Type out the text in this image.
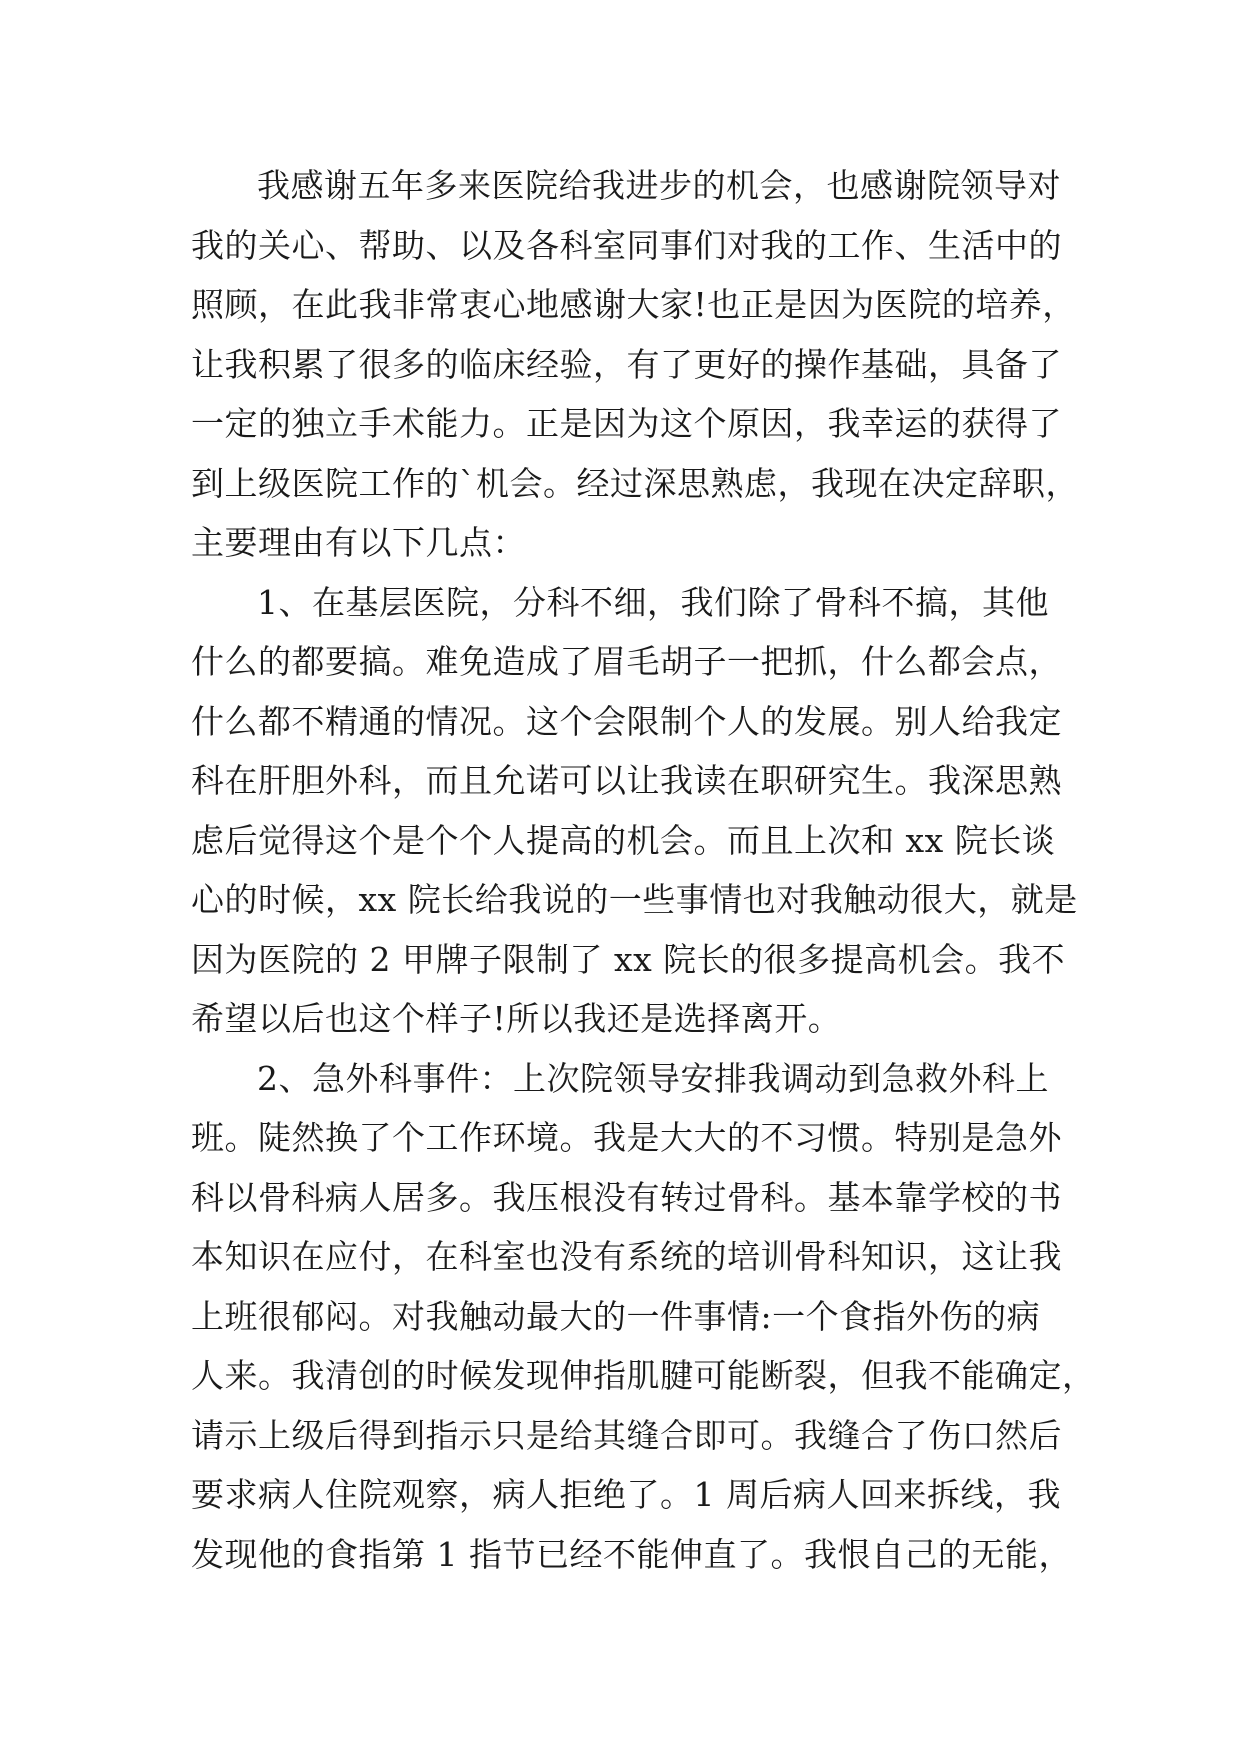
我感谢五年多来医院给我进步的机会，也感谢院领导对
我的关心、帮助、以及各科室同事们对我的工作、生活中的
照顾，在此我非常衷心地感谢大家!也正是因为医院的培养，
让我积累了很多的临床经验，有了更好的操作基础，具备了
一定的独立手术能力。正是因为这个原因，我幸运的获得了
到上级医院工作的`机会。经过深思熟虑，我现在决定辞职，
主要理由有以下几点：
1、在基层医院，分科不细，我们除了骨科不搞，其他
什么的都要搞。难免造成了眉毛胡子一把抓，什么都会点，
什么都不精通的情况。这个会限制个人的发展。别人给我定
科在肝胆外科，而且允诺可以让我读在职研究生。我深思熟
虑后觉得这个是个个人提高的机会。而且上次和 xx 院长谈
心的时候，xx 院长给我说的一些事情也对我触动很大，就是
因为医院的 2 甲牌子限制了 xx 院长的很多提高机会。我不
希望以后也这个样子!所以我还是选择离开。
2、急外科事件：上次院领导安排我调动到急救外科上
班。陡然换了个工作环境。我是大大的不习惯。特别是急外
科以骨科病人居多。我压根没有转过骨科。基本靠学校的书
本知识在应付，在科室也没有系统的培训骨科知识，这让我
上班很郁闷。对我触动最大的一件事情:一个食指外伤的病
人来。我清创的时候发现伸指肌腱可能断裂，但我不能确定，
请示上级后得到指示只是给其缝合即可。我缝合了伤口然后
要求病人住院观察，病人拒绝了。1 周后病人回来拆线，我
发现他的食指第 1 指节已经不能伸直了。我恨自己的无能，
